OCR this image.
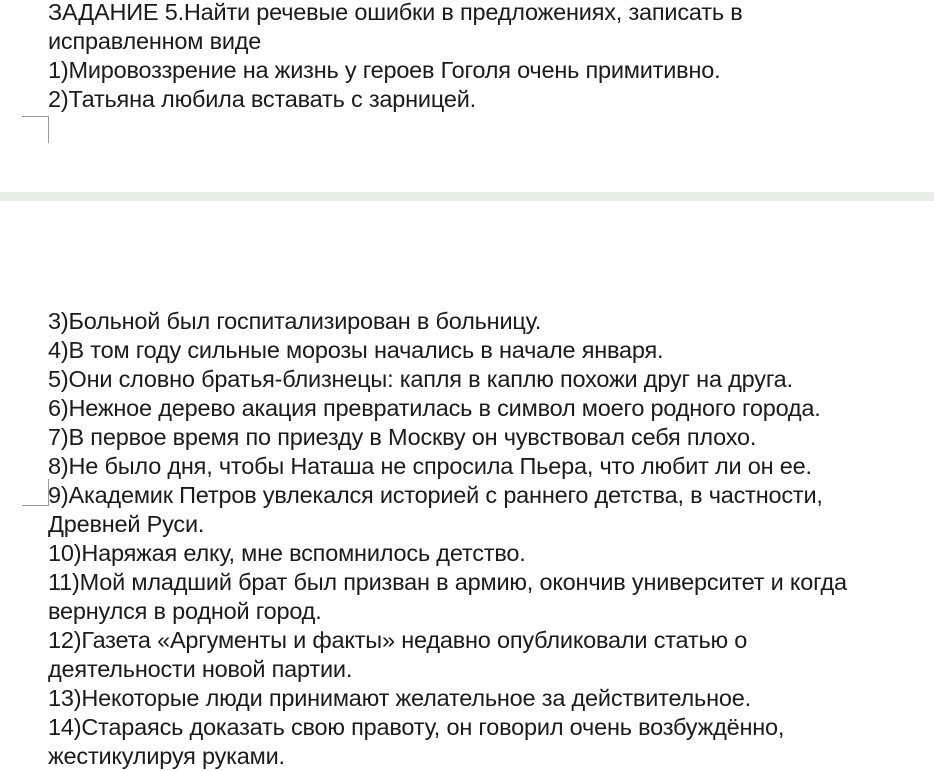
ЗАДАНИЕ 5.Найти речевые ошибки в предложениях, записать в
исправленном виде
1)Мировоззрение на жизнь у героев Гоголя очень примитивно.
2)Татьяна любила вставать с зарницей.
3)Больной был госпитализирован в больницу.
4)В том году сильные морозы начались в начале января.
5)Они словно братья-близнецы: капля в каплю похожи друг на друга.
6)Нежное дерево акация превратилась в символ моего родного города.
7)В первое время по приезду в Москву он чувствовал себя плохо.
8)Не было дня, чтобы Наташа не спросила Пьера, что любит ли он ее.
9)Академик Петров увлекался историей с раннего детства, в частности,
Древней Руси.
10)Наряжая елку, мне вспомнилось детство.
11)Мой младший брат был призван в армию, окончив университет и когда
вернулся в родной город.
12)Газета «Аргументы и факты» недавно опубликовали статью о
деятельности новой партии.
13)Некоторые люди принимают желательное за действительное.
14)Стараясь доказать свою правоту, он говорил очень возбуждённо,
жестикулируя руками.
